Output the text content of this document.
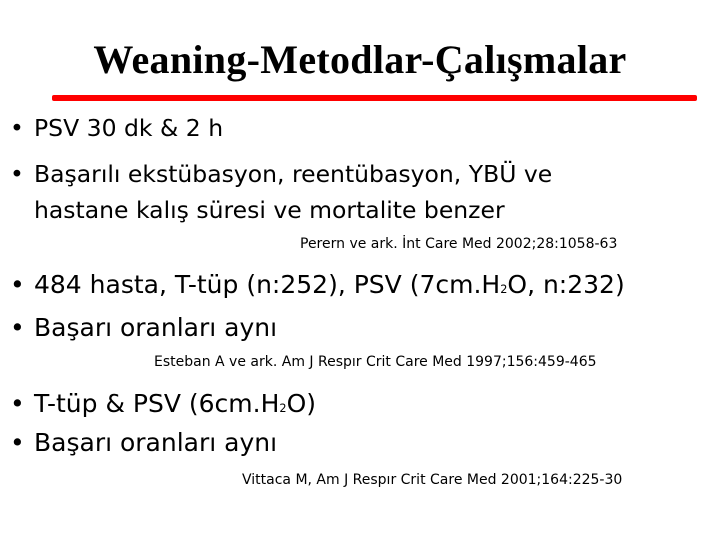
Weaning-Metodlar-Çalışmalar
• PSV 30 dk & 2 h
• Başarılı ekstübasyon, reentübasyon, YBÜ ve
hastane kalış süresi ve mortalite benzer
Perern ve ark. İnt Care Med 2002;28:1058-63
• 484 hasta, T-tüp (n:252), PSV (7cm.H2O, n:232)
• Başarı oranları aynı
Esteban A ve ark. Am J Respır Crit Care Med 1997;156:459-465
• T-tüp & PSV (6cm.H2O)
• Başarı oranları aynı
Vittaca M, Am J Respır Crit Care Med 2001;164:225-30
